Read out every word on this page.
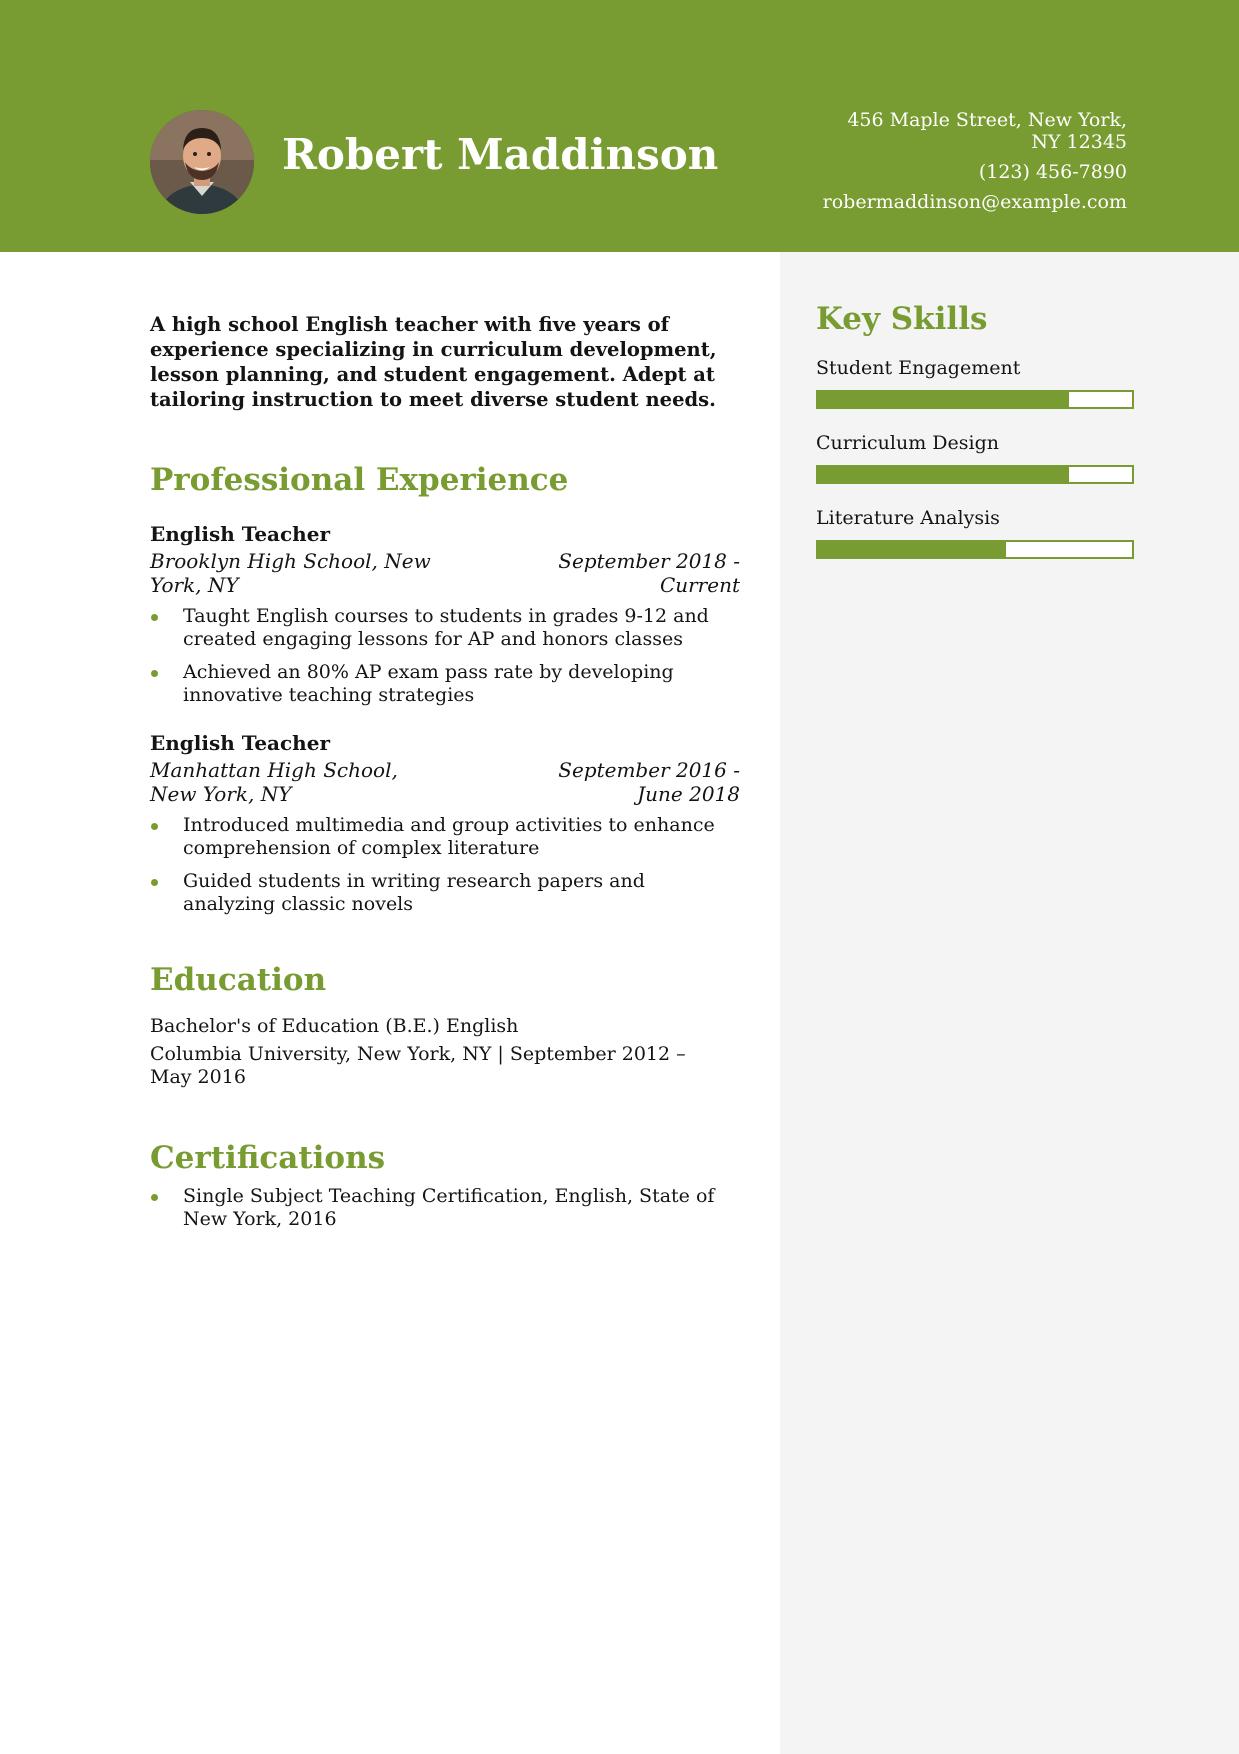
Robert Maddinson
456 Maple Street, New York,
NY 12345
(123) 456-7890
robermaddinson@example.com

A high school English teacher with five years of experience specializing in curriculum development, lesson planning, and student engagement. Adept at tailoring instruction to meet diverse student needs.

Professional Experience
English Teacher
Brooklyn High School, New York, NY
September 2018 - Current
Taught English courses to students in grades 9-12 and created engaging lessons for AP and honors classes
Achieved an 80% AP exam pass rate by developing innovative teaching strategies
English Teacher
Manhattan High School, New York, NY
September 2016 - June 2018
Introduced multimedia and group activities to enhance comprehension of complex literature
Guided students in writing research papers and analyzing classic novels
Education
Bachelor's of Education (B.E.) English
Columbia University, New York, NY | September 2012 – May 2016
Certifications
Single Subject Teaching Certification, English, State of New York, 2016
Key Skills
Student Engagement
Curriculum Design
Literature Analysis
